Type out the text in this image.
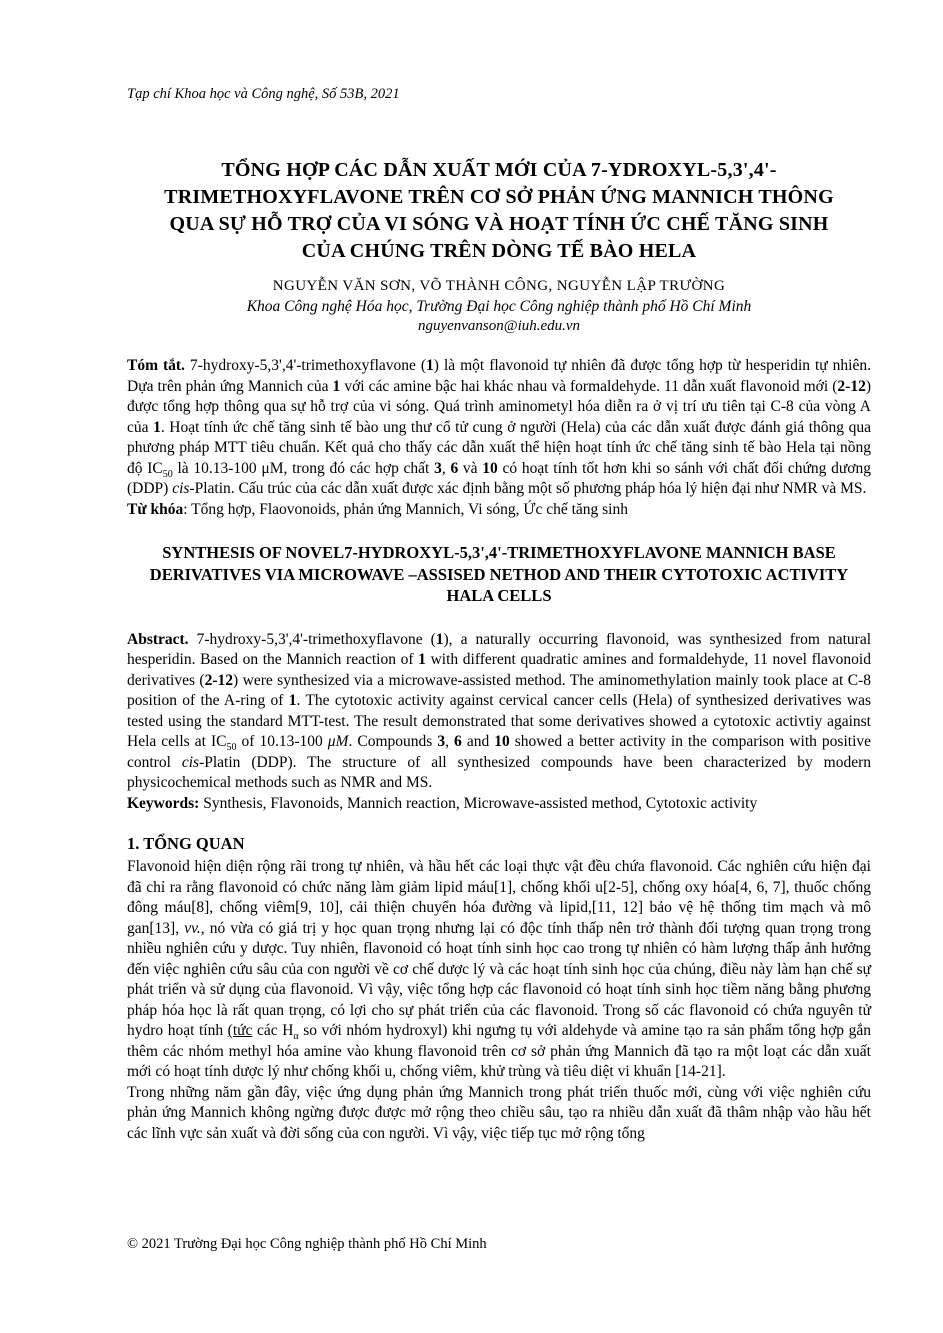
Tạp chí Khoa học và Công nghệ, Số 53B, 2021
TỔNG HỢP CÁC DẪN XUẤT MỚI CỦA 7-YDROXYL-5,3',4'-TRIMETHOXYFLAVONE TRÊN CƠ SỞ PHẢN ỨNG MANNICH THÔNG QUA SỰ HỖ TRỢ CỦA VI SÓNG VÀ HOẠT TÍNH ỨC CHẾ TĂNG SINH CỦA CHÚNG TRÊN DÒNG TẾ BÀO HELA
NGUYỄN VĂN SƠN, VÕ THÀNH CÔNG, NGUYỄN LẬP TRƯỜNG
Khoa Công nghệ Hóa học, Trường Đại học Công nghiệp thành phố Hồ Chí Minh
nguyenvanson@iuh.edu.vn

Tóm tắt. 7-hydroxy-5,3',4'-trimethoxyflavone (1) là một flavonoid tự nhiên đã được tổng hợp từ hesperidin tự nhiên. Dựa trên phản ứng Mannich của 1 với các amine bậc hai khác nhau và formaldehyde. 11 dẫn xuất flavonoid mới (2-12) được tổng hợp thông qua sự hỗ trợ của vi sóng. Quá trình aminometyl hóa diễn ra ở vị trí ưu tiên tại C-8 của vòng A của 1. Hoạt tính ức chế tăng sinh tế bào ung thư cổ tử cung ở người (Hela) của các dẫn xuất được đánh giá thông qua phương pháp MTT tiêu chuẩn. Kết quả cho thấy các dẫn xuất thể hiện hoạt tính ức chế tăng sinh tế bào Hela tại nồng độ $IC_{50}$ là 10.13-100 μM, trong đó các hợp chất 3, 6 và 10 có hoạt tính tốt hơn khi so sánh với chất đối chứng dương (DDP) cis-Platin. Cấu trúc của các dẫn xuất được xác định bằng một số phương pháp hóa lý hiện đại như NMR và MS.

Từ khóa: Tổng hợp, Flaovonoids, phản ứng Mannich, Vi sóng, Ức chế tăng sinh

SYNTHESIS OF NOVEL7-HYDROXYL-5,3',4'-TRIMETHOXYFLAVONE MANNICH BASE DERIVATIVES VIA MICROWAVE –ASSISED NETHOD AND THEIR CYTOTOXIC ACTIVITY HALA CELLS

Abstract. 7-hydroxy-5,3',4'-trimethoxyflavone (1), a naturally occurring flavonoid, was synthesized from natural hesperidin. Based on the Mannich reaction of 1 with different quadratic amines and formaldehyde, 11 novel flavonoid derivatives (2-12) were synthesized via a microwave-assisted method. The aminomethylation mainly took place at C-8 position of the A-ring of 1. The cytotoxic activity against cervical cancer cells (Hela) of synthesized derivatives was tested using the standard MTT-test. The result demonstrated that some derivatives showed a cytotoxic activtiy against Hela cells at $IC_{50}$ of 10.13-100 μM. Compounds 3, 6 and 10 showed a better activity in the comparison with positive control cis-Platin (DDP). The structure of all synthesized compounds have been characterized by modern physicochemical methods such as NMR and MS.

Keywords: Synthesis, Flavonoids, Mannich reaction, Microwave-assisted method, Cytotoxic activity

1. TỔNG QUAN

Flavonoid hiện diện rộng rãi trong tự nhiên, và hầu hết các loại thực vật đều chứa flavonoid. Các nghiên cứu hiện đại đã chỉ ra rằng flavonoid có chức năng làm giảm lipid máu[1], chống khối u[2-5], chống oxy hóa[4, 6, 7], thuốc chống đông máu[8], chống viêm[9, 10], cải thiện chuyển hóa đường và lipid,[11, 12] bảo vệ hệ thống tim mạch và mô gan[13], vv., nó vừa có giá trị y học quan trọng nhưng lại có độc tính thấp nên trở thành đối tượng quan trọng trong nhiều nghiên cứu y dược. Tuy nhiên, flavonoid có hoạt tính sinh học cao trong tự nhiên có hàm lượng thấp ảnh hưởng đến việc nghiên cứu sâu của con người về cơ chế dược lý và các hoạt tính sinh học của chúng, điều này làm hạn chế sự phát triển và sử dụng của flavonoid. Vì vậy, việc tổng hợp các flavonoid có hoạt tính sinh học tiềm năng bằng phương pháp hóa học là rất quan trọng, có lợi cho sự phát triển của các flavonoid. Trong số các flavonoid có chứa nguyên tử hydro hoạt tính (tức các $H_\alpha$ so với nhóm hydroxyl) khi ngưng tụ với aldehyde và amine tạo ra sản phẩm tổng hợp gắn thêm các nhóm methyl hóa amine vào khung flavonoid trên cơ sở phản ứng Mannich đã tạo ra một loạt các dẫn xuất mới có hoạt tính dược lý như chống khối u, chống viêm, khử trùng và tiêu diệt vi khuẩn [14-21].

Trong những năm gần đây, việc ứng dụng phản ứng Mannich trong phát triển thuốc mới, cùng với việc nghiên cứu phản ứng Mannich không ngừng được được mở rộng theo chiều sâu, tạo ra nhiều dẫn xuất đã thâm nhập vào hầu hết các lĩnh vực sản xuất và đời sống của con người. Vì vậy, việc tiếp tục mở rộng tổng

© 2021 Trường Đại học Công nghiệp thành phố Hồ Chí Minh
